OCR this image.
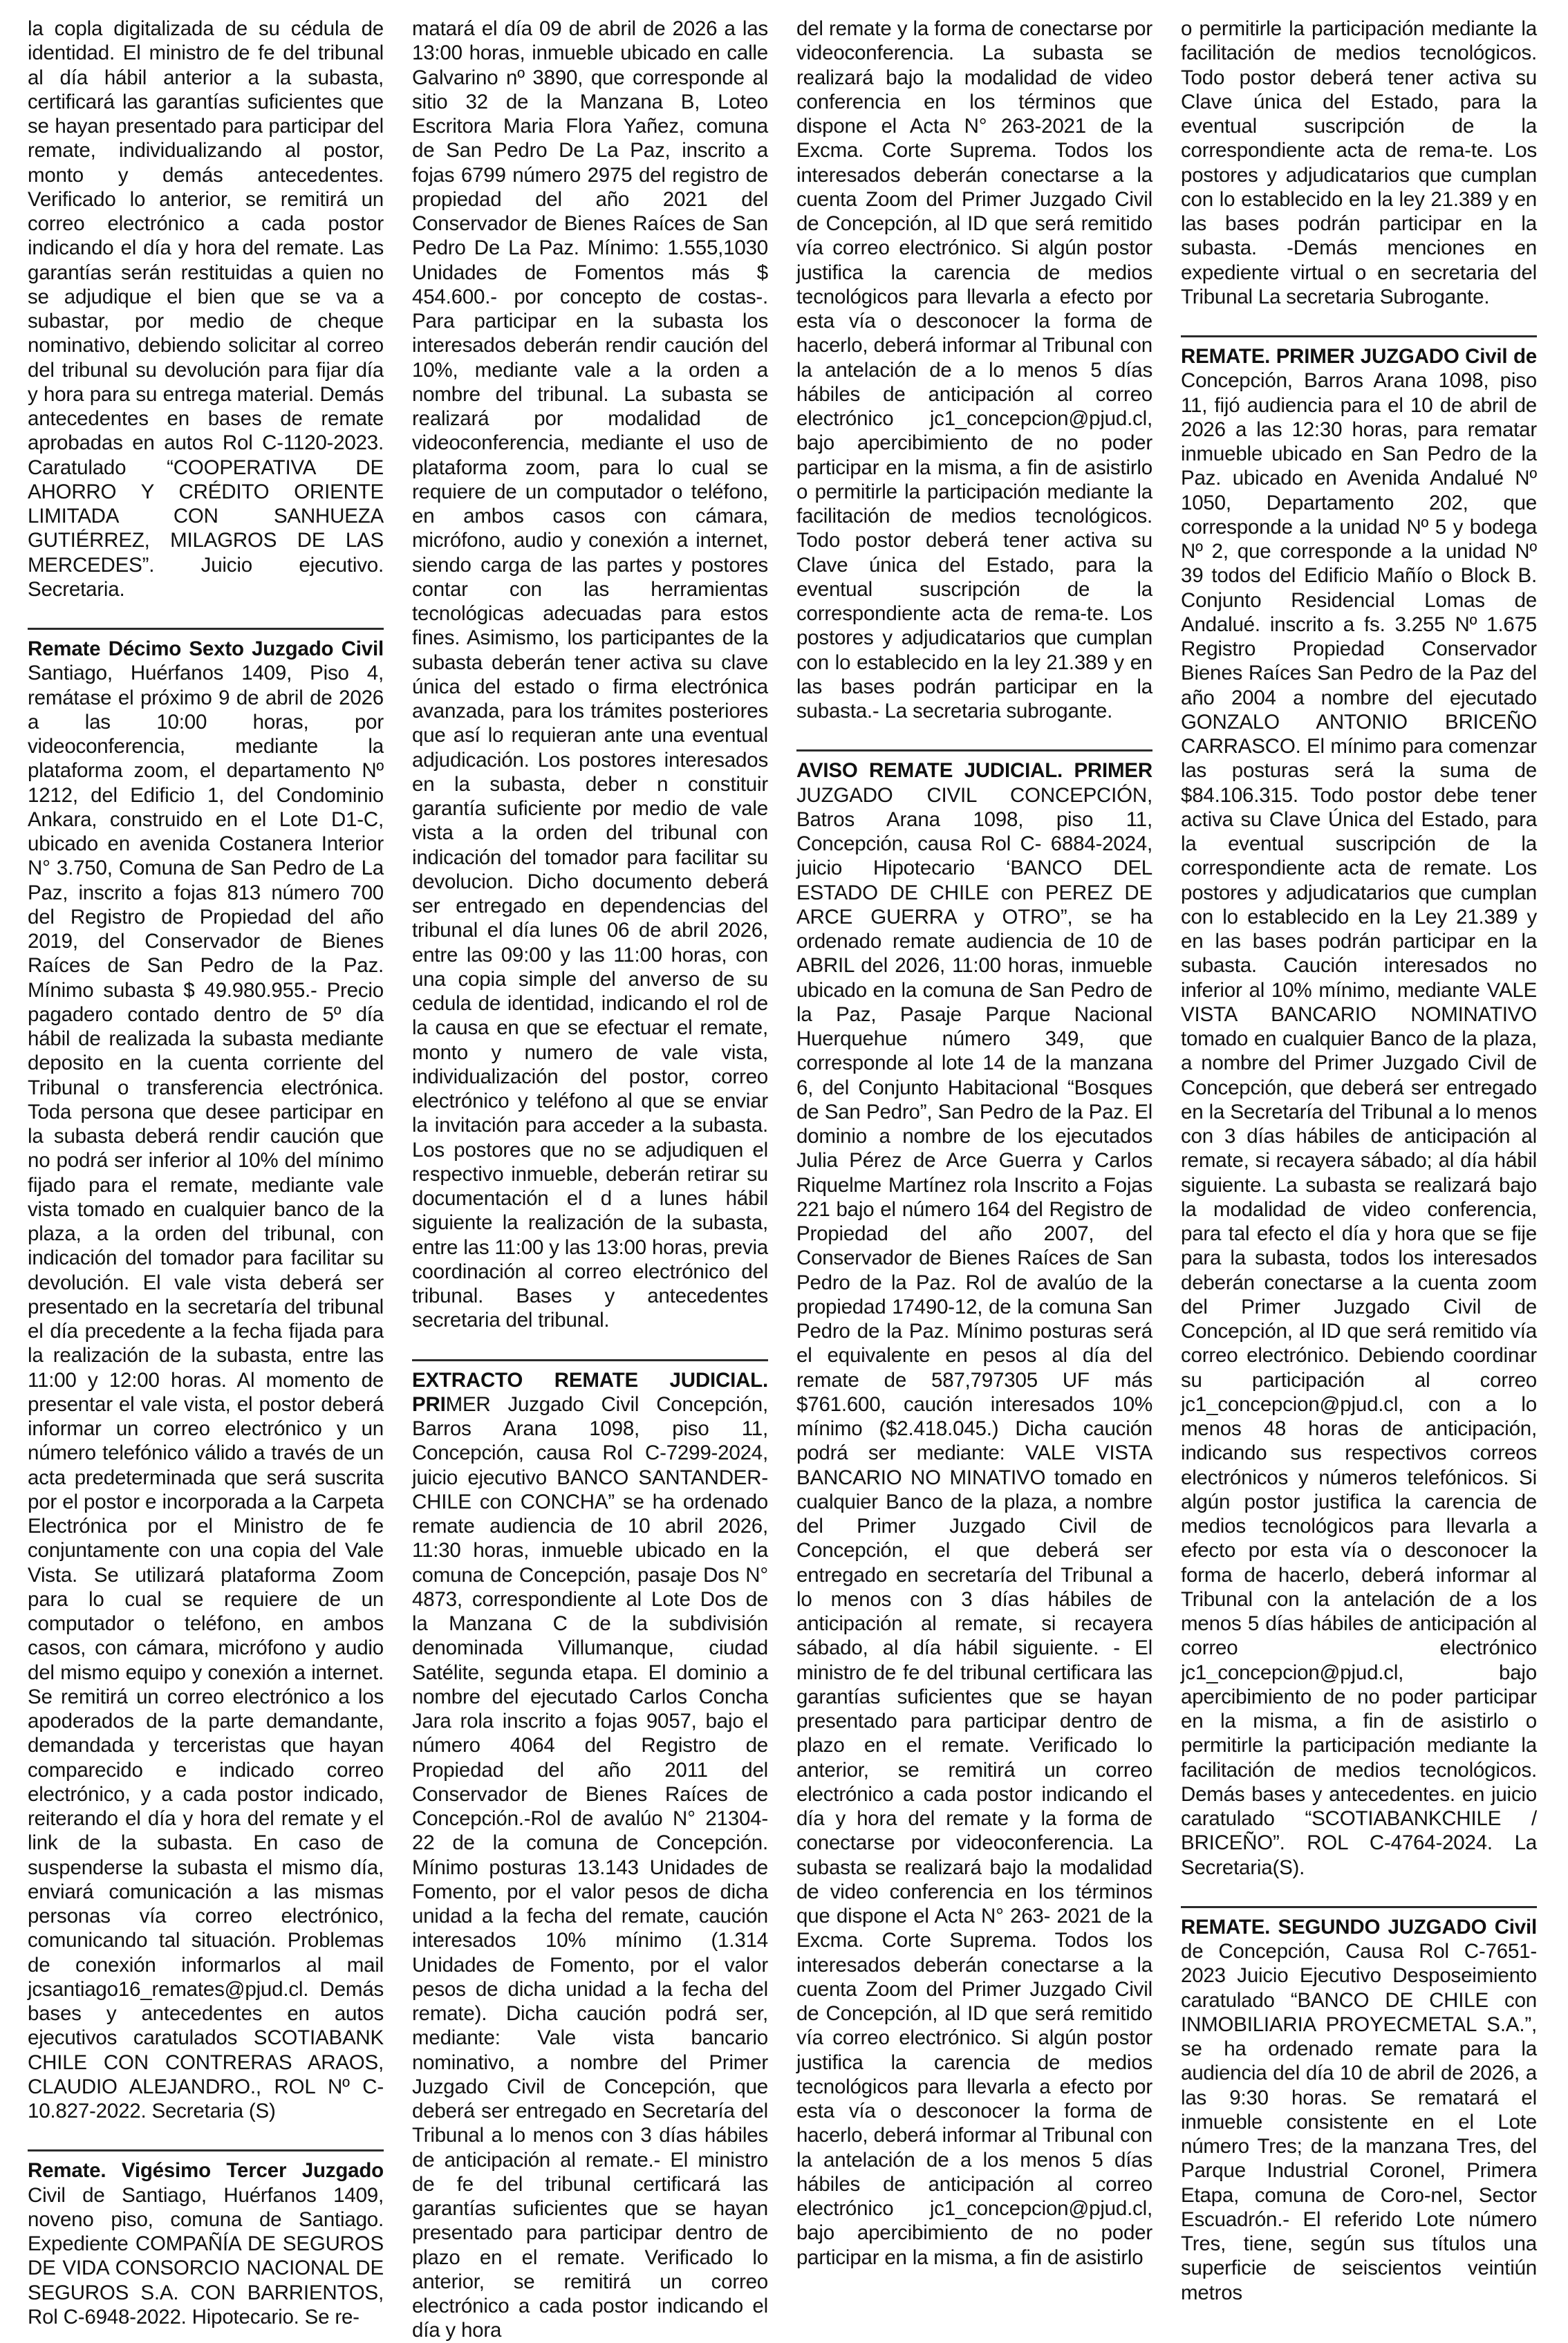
la copla digitalizada de su cédula de identidad. El ministro de fe del tribunal al día hábil anterior a la subasta, certificará las garantías suficientes que se hayan presentado para participar del remate, individualizando al postor, monto y demás antecedentes. Verificado lo anterior, se remitirá un correo electrónico a cada postor indicando el día y hora del remate. Las garantías serán restituidas a quien no se adjudique el bien que se va a subastar, por medio de cheque nominativo, debiendo solicitar al correo del tribunal su devolución para fijar día y hora para su entrega material. Demás antecedentes en bases de remate aprobadas en autos Rol C-1120-2023. Caratulado “COOPERATIVA DE AHORRO Y CRÉDITO ORIENTE LIMITADA CON SANHUEZA GUTIÉRREZ, MILAGROS DE LAS MERCEDES”. Juicio ejecutivo. Secretaria.

Remate Décimo Sexto Juzgado Civil Santiago, Huérfanos 1409, Piso 4, remátase el próximo 9 de abril de 2026 a las 10:00 horas, por videoconferencia, mediante la plataforma zoom, el departamento Nº 1212, del Edificio 1, del Condominio Ankara, construido en el Lote D1-C, ubicado en avenida Costanera Interior N° 3.750, Comuna de San Pedro de La Paz, inscrito a fojas 813 número 700 del Registro de Propiedad del año 2019, del Conservador de Bienes Raíces de San Pedro de la Paz. Mínimo subasta $ 49.980.955.- Precio pagadero contado dentro de 5º día hábil de realizada la subasta mediante deposito en la cuenta corriente del Tribunal o transferencia electrónica. Toda persona que desee participar en la subasta deberá rendir caución que no podrá ser inferior al 10% del mínimo fijado para el remate, mediante vale vista tomado en cualquier banco de la plaza, a la orden del tribunal, con indicación del tomador para facilitar su devolución. El vale vista deberá ser presentado en la secretaría del tribunal el día precedente a la fecha fijada para la realización de la subasta, entre las 11:00 y 12:00 horas. Al momento de presentar el vale vista, el postor deberá informar un correo electrónico y un número telefónico válido a través de un acta predeterminada que será suscrita por el postor e incorporada a la Carpeta Electrónica por el Ministro de fe conjuntamente con una copia del Vale Vista. Se utilizará plataforma Zoom para lo cual se requiere de un computador o teléfono, en ambos casos, con cámara, micrófono y audio del mismo equipo y conexión a internet. Se remitirá un correo electrónico a los apoderados de la parte demandante, demandada y terceristas que hayan comparecido e indicado correo electrónico, y a cada postor indicado, reiterando el día y hora del remate y el link de la subasta. En caso de suspenderse la subasta el mismo día, enviará comunicación a las mismas personas vía correo electrónico, comunicando tal situación. Problemas de conexión informarlos al mail jcsantiago16_remates@pjud.cl. Demás bases y antecedentes en autos ejecutivos caratulados SCOTIABANK CHILE CON CONTRERAS ARAOS, CLAUDIO ALEJANDRO., ROL Nº C-10.827-2022. Secretaria (S)

Remate. Vigésimo Tercer Juzgado Civil de Santiago, Huérfanos 1409, noveno piso, comuna de Santiago. Expediente COMPAÑÍA DE SEGUROS DE VIDA CONSORCIO NACIONAL DE SEGUROS S.A. CON BARRIENTOS, Rol C-6948-2022. Hipotecario. Se re-

matará el día 09 de abril de 2026 a las 13:00 horas, inmueble ubicado en calle Galvarino nº 3890, que corresponde al sitio 32 de la Manzana B, Loteo Escritora Maria Flora Yañez, comuna de San Pedro De La Paz, inscrito a fojas 6799 número 2975 del registro de propiedad del año 2021 del Conservador de Bienes Raíces de San Pedro De La Paz. Mínimo: 1.555,1030 Unidades de Fomentos más $ 454.600.- por concepto de costas-. Para participar en la subasta los interesados deberán rendir caución del 10%, mediante vale a la orden a nombre del tribunal. La subasta se realizará por modalidad de videoconferencia, mediante el uso de plataforma zoom, para lo cual se requiere de un computador o teléfono, en ambos casos con cámara, micrófono, audio y conexión a internet, siendo carga de las partes y postores contar con las herramientas tecnológicas adecuadas para estos fines. Asimismo, los participantes de la subasta deberán tener activa su clave única del estado o firma electrónica avanzada, para los trámites posteriores que así lo requieran ante una eventual adjudicación. Los postores interesados en la subasta, deber n constituir garantía suficiente por medio de vale vista a la orden del tribunal con indicación del tomador para facilitar su devolucion. Dicho documento deberá ser entregado en dependencias del tribunal el día lunes 06 de abril 2026, entre las 09:00 y las 11:00 horas, con una copia simple del anverso de su cedula de identidad, indicando el rol de la causa en que se efectuar el remate, monto y numero de vale vista, individualización del postor, correo electrónico y teléfono al que se enviar la invitación para acceder a la subasta. Los postores que no se adjudiquen el respectivo inmueble, deberán retirar su documentación el d a lunes hábil siguiente la realización de la subasta, entre las 11:00 y las 13:00 horas, previa coordinación al correo electrónico del tribunal. Bases y antecedentes secretaria del tribunal.

EXTRACTO REMATE JUDICIAL. PRIMER Juzgado Civil Concepción, Barros Arana 1098, piso 11, Concepción, causa Rol C-7299-2024, juicio ejecutivo BANCO SANTANDER-CHILE con CONCHA” se ha ordenado remate audiencia de 10 abril 2026, 11:30 horas, inmueble ubicado en la comuna de Concepción, pasaje Dos N° 4873, correspondiente al Lote Dos de la Manzana C de la subdivisión denominada Villumanque, ciudad Satélite, segunda etapa. El dominio a nombre del ejecutado Carlos Concha Jara rola inscrito a fojas 9057, bajo el número 4064 del Registro de Propiedad del año 2011 del Conservador de Bienes Raíces de Concepción.-Rol de avalúo N° 21304-22 de la comuna de Concepción. Mínimo posturas 13.143 Unidades de Fomento, por el valor pesos de dicha unidad a la fecha del remate, caución interesados 10% mínimo (1.314 Unidades de Fomento, por el valor pesos de dicha unidad a la fecha del remate). Dicha caución podrá ser, mediante: Vale vista bancario nominativo, a nombre del Primer Juzgado Civil de Concepción, que deberá ser entregado en Secretaría del Tribunal a lo menos con 3 días hábiles de anticipación al remate.- El ministro de fe del tribunal certificará las garantías suficientes que se hayan presentado para participar dentro de plazo en el remate. Verificado lo anterior, se remitirá un correo electrónico a cada postor indicando el día y hora

del remate y la forma de conectarse por videoconferencia. La subasta se realizará bajo la modalidad de video conferencia en los términos que dispone el Acta N° 263-2021 de la Excma. Corte Suprema. Todos los interesados deberán conectarse a la cuenta Zoom del Primer Juzgado Civil de Concepción, al ID que será remitido vía correo electrónico. Si algún postor justifica la carencia de medios tecnológicos para llevarla a efecto por esta vía o desconocer la forma de hacerlo, deberá informar al Tribunal con la antelación de a lo menos 5 días hábiles de anticipación al correo electrónico jc1_concepcion@pjud.cl, bajo apercibimiento de no poder participar en la misma, a fin de asistirlo o permitirle la participación mediante la facilitación de medios tecnológicos. Todo postor deberá tener activa su Clave única del Estado, para la eventual suscripción de la correspondiente acta de rema-te. Los postores y adjudicatarios que cumplan con lo establecido en la ley 21.389 y en las bases podrán participar en la subasta.- La secretaria subrogante.

AVISO REMATE JUDICIAL. PRIMER JUZGADO CIVIL CONCEPCIÓN, Batros Arana 1098, piso 11, Concepción, causa Rol C- 6884-2024, juicio Hipotecario ‘BANCO DEL ESTADO DE CHILE con PEREZ DE ARCE GUERRA y OTRO”, se ha ordenado remate audiencia de 10 de ABRIL del 2026, 11:00 horas, inmueble ubicado en la comuna de San Pedro de la Paz, Pasaje Parque Nacional Huerquehue número 349, que corresponde al lote 14 de la manzana 6, del Conjunto Habitacional “Bosques de San Pedro”, San Pedro de la Paz. El dominio a nombre de los ejecutados Julia Pérez de Arce Guerra y Carlos Riquelme Martínez rola Inscrito a Fojas 221 bajo el número 164 del Registro de Propiedad del año 2007, del Conservador de Bienes Raíces de San Pedro de la Paz. Rol de avalúo de la propiedad 17490-12, de la comuna San Pedro de la Paz. Mínimo posturas será el equivalente en pesos al día del remate de 587,797305 UF más $761.600, caución interesados 10% mínimo ($2.418.045.) Dicha caución podrá ser mediante: VALE VISTA BANCARIO NO MINATIVO tomado en cualquier Banco de la plaza, a nombre del Primer Juzgado Civil de Concepción, el que deberá ser entregado en secretaría del Tribunal a lo menos con 3 días hábiles de anticipación al remate, si recayera sábado, al día hábil siguiente. - El ministro de fe del tribunal certificara las garantías suficientes que se hayan presentado para participar dentro de plazo en el remate. Verificado lo anterior, se remitirá un correo electrónico a cada postor indicando el día y hora del remate y la forma de conectarse por videoconferencia. La subasta se realizará bajo la modalidad de video conferencia en los términos que dispone el Acta N° 263- 2021 de la Excma. Corte Suprema. Todos los interesados deberán conectarse a la cuenta Zoom del Primer Juzgado Civil de Concepción, al ID que será remitido vía correo electrónico. Si algún postor justifica la carencia de medios tecnológicos para llevarla a efecto por esta vía o desconocer la forma de hacerlo, deberá informar al Tribunal con la antelación de a los menos 5 días hábiles de anticipación al correo electrónico jc1_concepcion@pjud.cl, bajo apercibimiento de no poder participar en la misma, a fin de asistirlo

o permitirle la participación mediante la facilitación de medios tecnológicos. Todo postor deberá tener activa su Clave única del Estado, para la eventual suscripción de la correspondiente acta de rema-te. Los postores y adjudicatarios que cumplan con lo establecido en la ley 21.389 y en las bases podrán participar en la subasta. -Demás menciones en expediente virtual o en secretaria del Tribunal La secretaria Subrogante.

REMATE. PRIMER JUZGADO Civil de Concepción, Barros Arana 1098, piso 11, fijó audiencia para el 10 de abril de 2026 a las 12:30 horas, para rematar inmueble ubicado en San Pedro de la Paz. ubicado en Avenida Andalué Nº 1050, Departamento 202, que corresponde a la unidad Nº 5 y bodega Nº 2, que corresponde a la unidad Nº 39 todos del Edificio Mañío o Block B. Conjunto Residencial Lomas de Andalué. inscrito a fs. 3.255 Nº 1.675 Registro Propiedad Conservador Bienes Raíces San Pedro de la Paz del año 2004 a nombre del ejecutado GONZALO ANTONIO BRICEÑO CARRASCO. El mínimo para comenzar las posturas será la suma de $84.106.315. Todo postor debe tener activa su Clave Única del Estado, para la eventual suscripción de la correspondiente acta de remate. Los postores y adjudicatarios que cumplan con lo establecido en la Ley 21.389 y en las bases podrán participar en la subasta. Caución interesados no inferior al 10% mínimo, mediante VALE VISTA BANCARIO NOMINATIVO tomado en cualquier Banco de la plaza, a nombre del Primer Juzgado Civil de Concepción, que deberá ser entregado en la Secretaría del Tribunal a lo menos con 3 días hábiles de anticipación al remate, si recayera sábado; al día hábil siguiente. La subasta se realizará bajo la modalidad de video conferencia, para tal efecto el día y hora que se fije para la subasta, todos los interesados deberán conectarse a la cuenta zoom del Primer Juzgado Civil de Concepción, al ID que será remitido vía correo electrónico. Debiendo coordinar su participación al correo jc1_concepcion@pjud.cl, con a lo menos 48 horas de anticipación, indicando sus respectivos correos electrónicos y números telefónicos. Si algún postor justifica la carencia de medios tecnológicos para llevarla a efecto por esta vía o desconocer la forma de hacerlo, deberá informar al Tribunal con la antelación de a los menos 5 días hábiles de anticipación al correo electrónico jc1_concepcion@pjud.cl, bajo apercibimiento de no poder participar en la misma, a fin de asistirlo o permitirle la participación mediante la facilitación de medios tecnológicos. Demás bases y antecedentes. en juicio caratulado “SCOTIABANKCHILE / BRICEÑO”. ROL C-4764-2024. La Secretaria(S).

REMATE. SEGUNDO JUZGADO Civil de Concepción, Causa Rol C-7651-2023 Juicio Ejecutivo Desposeimiento caratulado “BANCO DE CHILE con INMOBILIARIA PROYECMETAL S.A.”, se ha ordenado remate para la audiencia del día 10 de abril de 2026, a las 9:30 horas. Se rematará el inmueble consistente en el Lote número Tres; de la manzana Tres, del Parque Industrial Coronel, Primera Etapa, comuna de Coro-nel, Sector Escuadrón.- El referido Lote número Tres, tiene, según sus títulos una superficie de seiscientos veintiún metros
